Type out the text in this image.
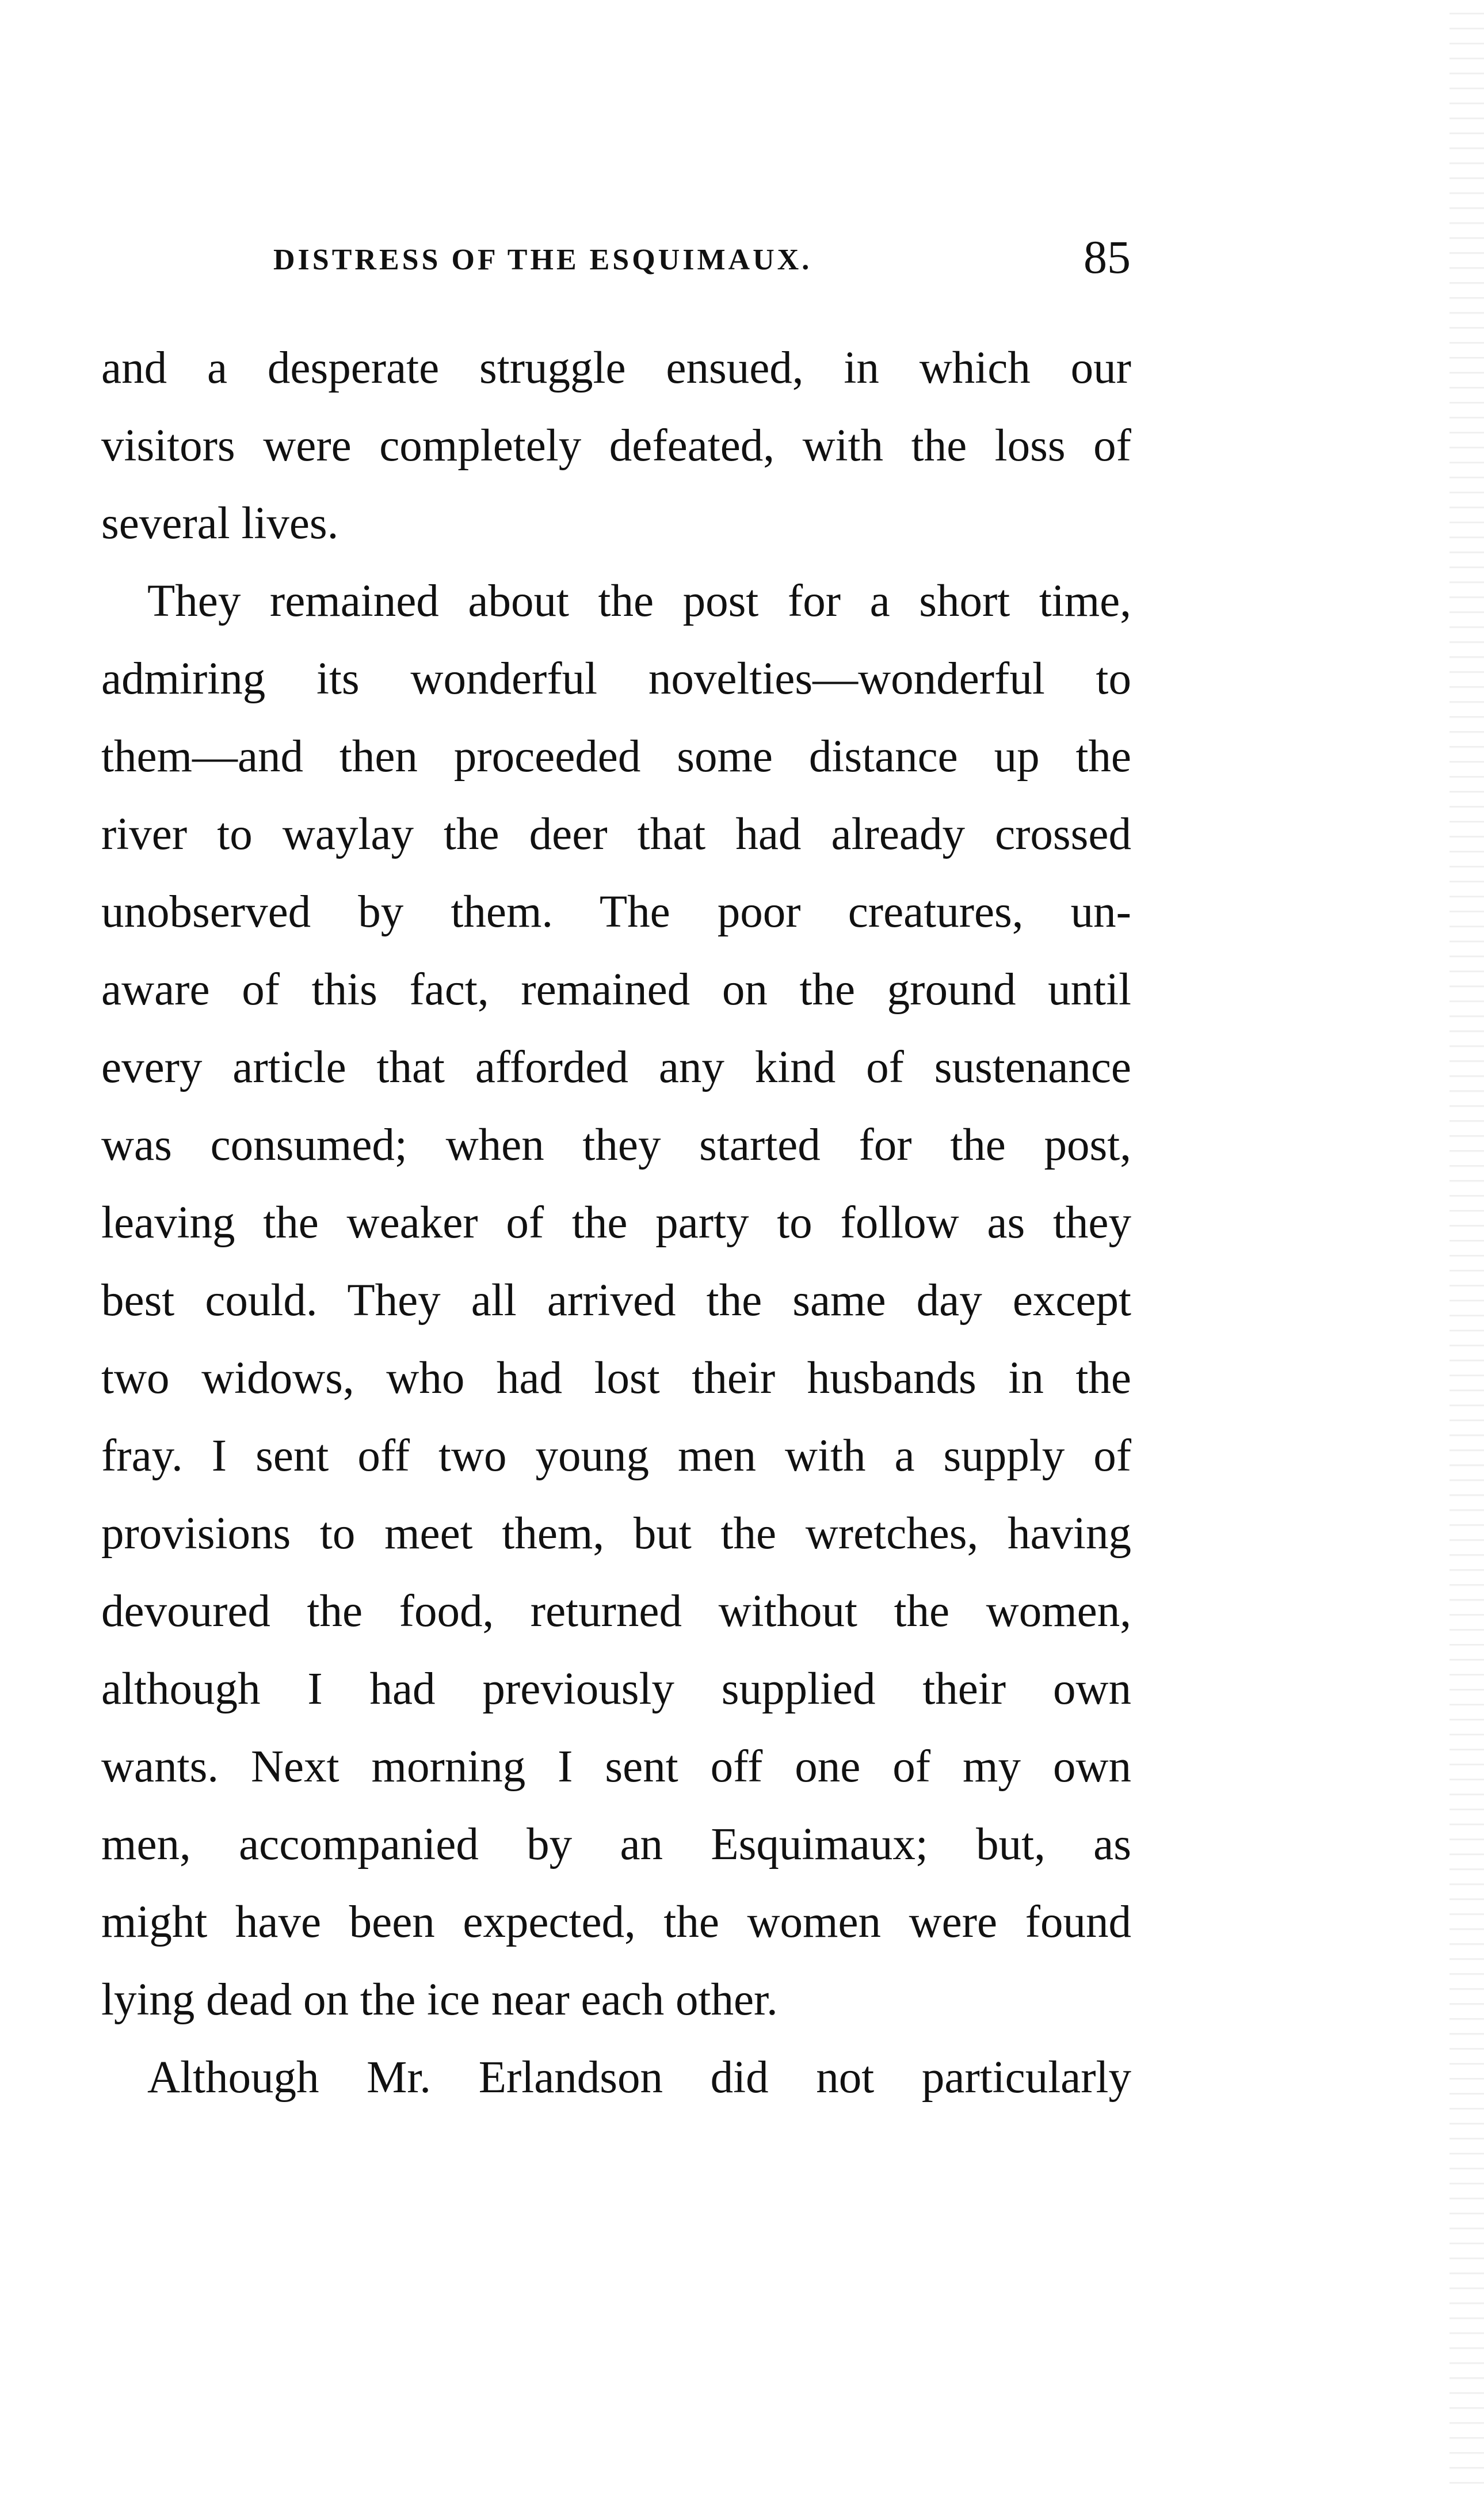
DISTRESS OF THE ESQUIMAUX.	85
and a desperate struggle ensued, in which our
visitors were completely defeated, with the loss of
several lives.
They remained about the post for a short time,
admiring its wonderful novelties—wonderful to
them—and then proceeded some distance up the
river to waylay the deer that had already crossed
unobserved by them. The poor creatures, un-
aware of this fact, remained on the ground until
every article that afforded any kind of sustenance
was consumed; when they started for the post,
leaving the weaker of the party to follow as they
best could. They all arrived the same day except
two widows, who had lost their husbands in the
fray. I sent off two young men with a supply of
provisions to meet them, but the wretches, having
devoured the food, returned without the women,
although I had previously supplied their own
wants. Next morning I sent off one of my own
men, accompanied by an Esquimaux; but, as
might have been expected, the women were found
lying dead on the ice near each other.
Although Mr. Erlandson did not particularly
